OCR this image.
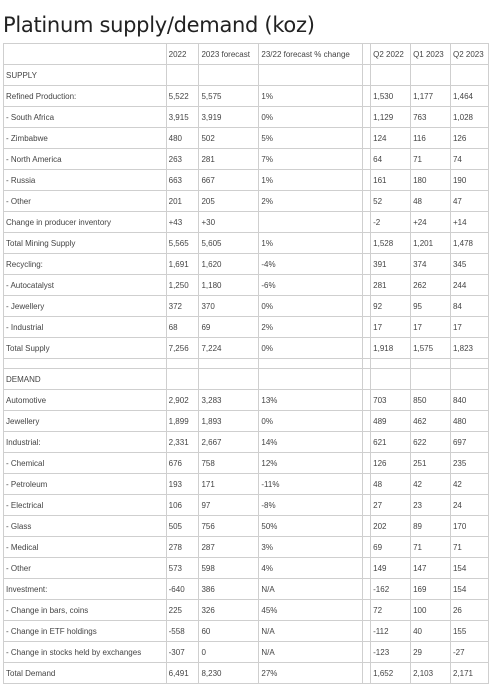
Platinum supply/demand (koz)
	2022	2023 forecast	23/22 forecast % change		Q2 2022	Q1 2023	Q2 2023
SUPPLY							
Refined Production:	5,522	5,575	1%		1,530	1,177	1,464
- South Africa	3,915	3,919	0%		1,129	763	1,028
- Zimbabwe	480	502	5%		124	116	126
- North America	263	281	7%		64	71	74
- Russia	663	667	1%		161	180	190
- Other	201	205	2%		52	48	47
Change in producer inventory	+43	+30			-2	+24	+14
Total Mining Supply	5,565	5,605	1%		1,528	1,201	1,478
Recycling:	1,691	1,620	-4%		391	374	345
- Autocatalyst	1,250	1,180	-6%		281	262	244
- Jewellery	372	370	0%		92	95	84
- Industrial	68	69	2%		17	17	17
Total Supply	7,256	7,224	0%		1,918	1,575	1,823

DEMAND							
Automotive	2,902	3,283	13%		703	850	840
Jewellery	1,899	1,893	0%		489	462	480
Industrial:	2,331	2,667	14%		621	622	697
- Chemical	676	758	12%		126	251	235
- Petroleum	193	171	-11%		48	42	42
- Electrical	106	97	-8%		27	23	24
- Glass	505	756	50%		202	89	170
- Medical	278	287	3%		69	71	71
- Other	573	598	4%		149	147	154
Investment:	-640	386	N/A		-162	169	154
- Change in bars, coins	225	326	45%		72	100	26
- Change in ETF holdings	-558	60	N/A		-112	40	155
- Change in stocks held by exchanges	-307	0	N/A		-123	29	-27
Total Demand	6,491	8,230	27%		1,652	2,103	2,171
